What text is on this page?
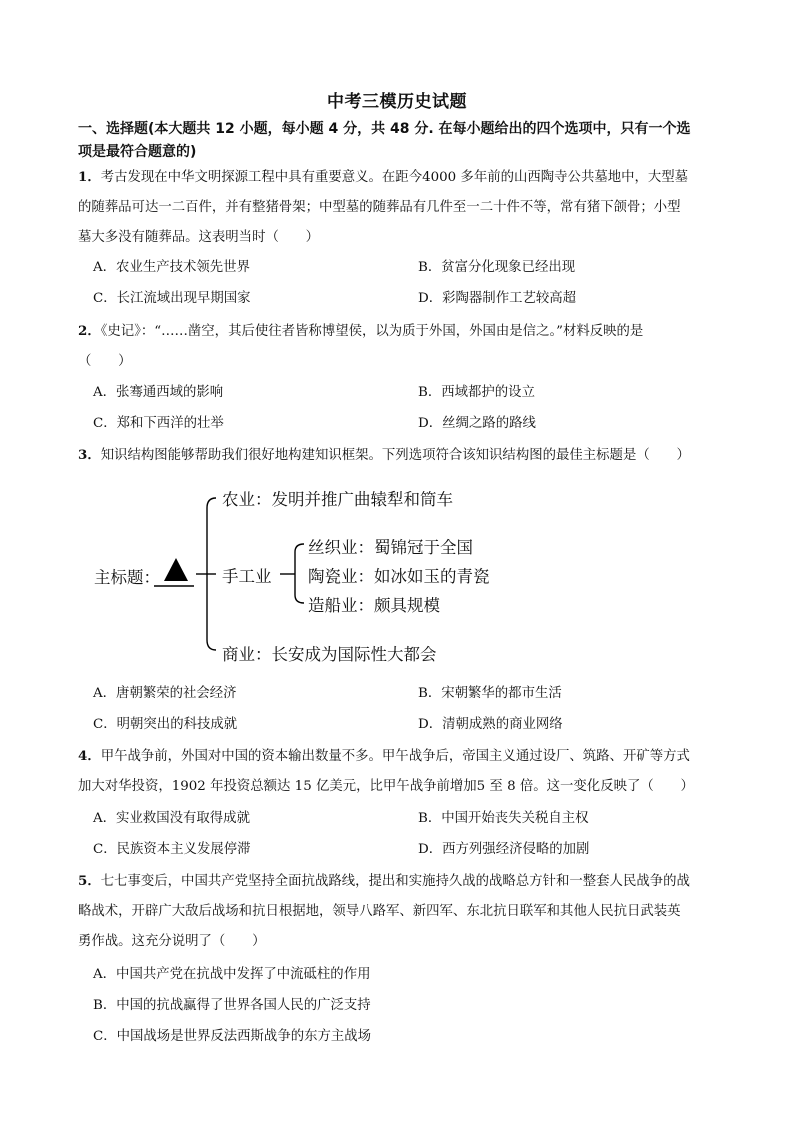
中考三模历史试题
一、选择题(本大题共 12 小题，每小题 4 分，共 48 分. 在每小题给出的四个选项中，只有一个选
项是最符合题意的)
1．考古发现在中华文明探源工程中具有重要意义。在距今4000 多年前的山西陶寺公共墓地中，大型墓
的随葬品可达一二百件，并有整猪骨架；中型墓的随葬品有几件至一二十件不等，常有猪下颌骨；小型
墓大多没有随葬品。这表明当时（　　）
A．农业生产技术领先世界	B．贫富分化现象已经出现
C．长江流域出现早期国家	D．彩陶器制作工艺较高超
2．《史记》：“……凿空，其后使往者皆称博望侯，以为质于外国，外国由是信之。”材料反映的是
（　　）
A．张骞通西域的影响	B．西域都护的设立
C．郑和下西洋的壮举	D．丝绸之路的路线
3．知识结构图能够帮助我们很好地构建知识框架。下列选项符合该知识结构图的最佳主标题是（　　）
主标题：
农业：发明并推广曲辕犁和筒车
手工业
丝织业：蜀锦冠于全国
陶瓷业：如冰如玉的青瓷
造船业：颇具规模
商业：长安成为国际性大都会
A．唐朝繁荣的社会经济	B．宋朝繁华的都市生活
C．明朝突出的科技成就	D．清朝成熟的商业网络
4．甲午战争前，外国对中国的资本输出数量不多。甲午战争后，帝国主义通过设厂、筑路、开矿等方式
加大对华投资，1902 年投资总额达 15 亿美元，比甲午战争前增加5 至 8 倍。这一变化反映了（　　）
A．实业救国没有取得成就	B．中国开始丧失关税自主权
C．民族资本主义发展停滞	D．西方列强经济侵略的加剧
5．七七事变后，中国共产党坚持全面抗战路线，提出和实施持久战的战略总方针和一整套人民战争的战
略战术，开辟广大敌后战场和抗日根据地，领导八路军、新四军、东北抗日联军和其他人民抗日武装英
勇作战。这充分说明了（　　）
A．中国共产党在抗战中发挥了中流砥柱的作用
B．中国的抗战赢得了世界各国人民的广泛支持
C．中国战场是世界反法西斯战争的东方主战场
